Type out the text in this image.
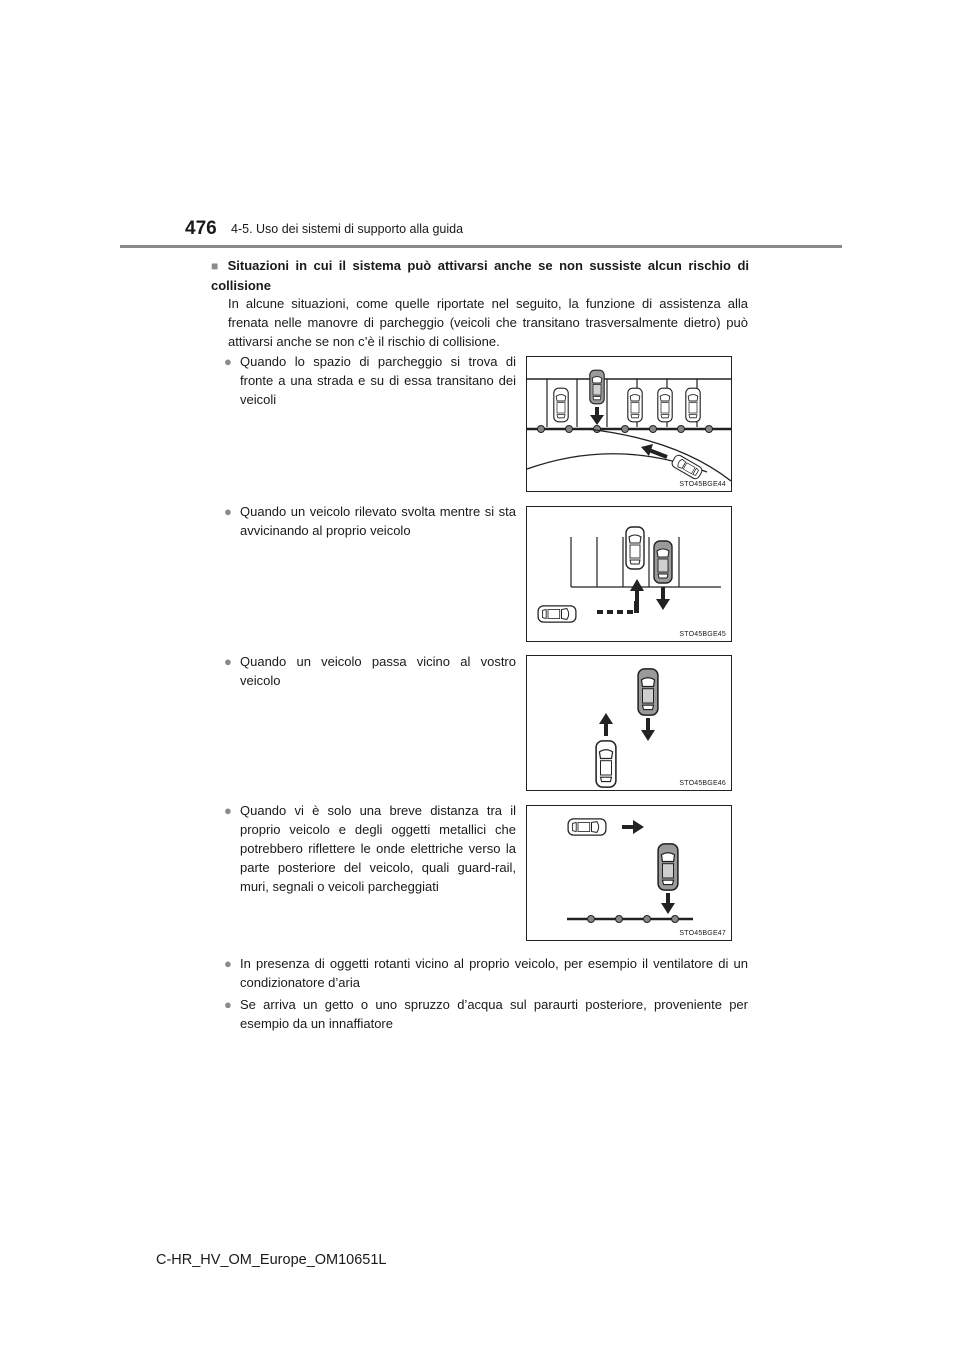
476 4-5. Uso dei sistemi di supporto alla guida
■ Situazioni in cui il sistema può attivarsi anche se non sussiste alcun rischio di collisione
In alcune situazioni, come quelle riportate nel seguito, la funzione di assistenza alla frenata nelle manovre di parcheggio (veicoli che transitano trasversalmente dietro) può attivarsi anche se non c’è il rischio di collisione.
● Quando lo spazio di parcheggio si trova di fronte a una strada e su di essa transitano dei veicoli
STO45BGE44
● Quando un veicolo rilevato svolta mentre si sta avvicinando al proprio veicolo
STO45BGE45
● Quando un veicolo passa vicino al vostro veicolo
STO45BGE46
● Quando vi è solo una breve distanza tra il proprio veicolo e degli oggetti metallici che potrebbero riflettere le onde elettriche verso la parte posteriore del veicolo, quali guard-rail, muri, segnali o veicoli parcheggiati
STO45BGE47
● In presenza di oggetti rotanti vicino al proprio veicolo, per esempio il ventilatore di un condizionatore d’aria
● Se arriva un getto o uno spruzzo d’acqua sul paraurti posteriore, proveniente per esempio da un innaffiatore
C-HR_HV_OM_Europe_OM10651L
